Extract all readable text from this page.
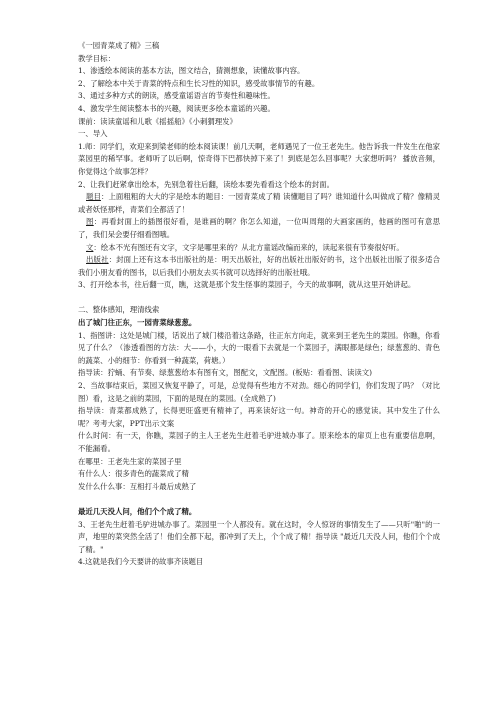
《一园青菜成了精》三稿

教学目标：

1、渗透绘本阅读的基本方法，图文结合，猜测想象，读懂故事内容。

2、了解绘本中关于青菜的特点和生长习性的知识，感受故事情节的有趣。

3、通过多种方式的朗读，感受童谣语言的节奏性和趣味性。

4、激发学生阅读整本书的兴趣，阅读更多绘本童谣的兴趣。

课前：读读童谣和儿歌《摇摇船》《小刺猬理发》

一、导入

1.师：同学们，欢迎来到梁老师的绘本阅读课！前几天啊，老师遇见了一位王老先生。他告诉我一件发生在他家菜园里的稀罕事。老师听了以后啊，惊奇得下巴都快掉下来了！到底是怎么回事呢？大家想听吗？ 播放音频，你觉得这个故事怎样？

2、让我们赶紧拿出绘本，先别急着往后翻，读绘本要先看看这个绘本的封面。

题目：上面粗粗的大大的字是绘本的题目：一园青菜成了精 读懂题目了吗？谁知道什么叫做成了精？像精灵或者妖怪那样，青菜们全都活了！

图：再看封面上的插图很好看，是谁画的啊？你怎么知道，一位叫周翔的大画家画的，他画的图可有意思了，我们呆会要仔细看图哦。

文：绘本不光有图还有文字，文字是哪里来的？从北方童谣改编而来的，读起来很有节奏很好听。

出版社：封面上还有这本书出版社的是：明天出版社，好的出版社出版好的书，这个出版社出版了很多适合我们小朋友看的图书，以后我们小朋友去买书就可以选择好的出版社哦。

3、打开绘本书，往后翻一页，瞧，这就是那个发生怪事的菜园子，今天的故事啊，就从这里开始讲起。

二、整体感知，理清线索

出了城门往正东，一园青菜绿葱葱。

1、指图讲：这处是城门楼，话说出了城门楼沿着这条路，往正东方向走，就来到王老先生的菜园。你瞧，你看见了什么？（渗透看图的方法：大——小，大的一眼看下去就是一个菜园子，满眼都是绿色；绿葱葱的、青色的蔬菜、小的细节：你看到一种蔬菜，荷塘。）

指导读：狞蛹、有节奏、绿葱葱给本有图有文，图配文，文配图。(板贴：看看图、读读文)

2、当故事结束后，菜园又恢复平静了，可是，总觉得有些地方不对劲。细心的同学们，你们发现了吗？（对比图）看，这是之前的菜园，下面的是现在的菜园。(全成熟了)

指导读：青菜都成熟了，长得更旺盛更有精神了，再来读好这一句。神奇的开心的感觉读。其中发生了什么呢？考考大家，PPT出示文案

什么时间：有一天，你瞧，菜园子的主人王老先生赶着毛驴进城办事了。原来绘本的扉页上也有重要信息啊，不能漏看。

在哪里：王老先生家的菜园子里

有什么人：很多青色的蔬菜成了精

发什么什么事：互相打斗最后成熟了

最近几天没人问，他们个个成了精。

3、王老先生赶着毛驴进城办事了。菜园里一个人都没有。就在这时，令人惊讶的事情发生了——只听"啪"的一声，地里的菜突然全活了！他们全都下起，都冲到了天上，个个成了精！指导读 "最近几天没人问，他们个个成了精。"

4.这就是我们今天要讲的故事齐读题目
